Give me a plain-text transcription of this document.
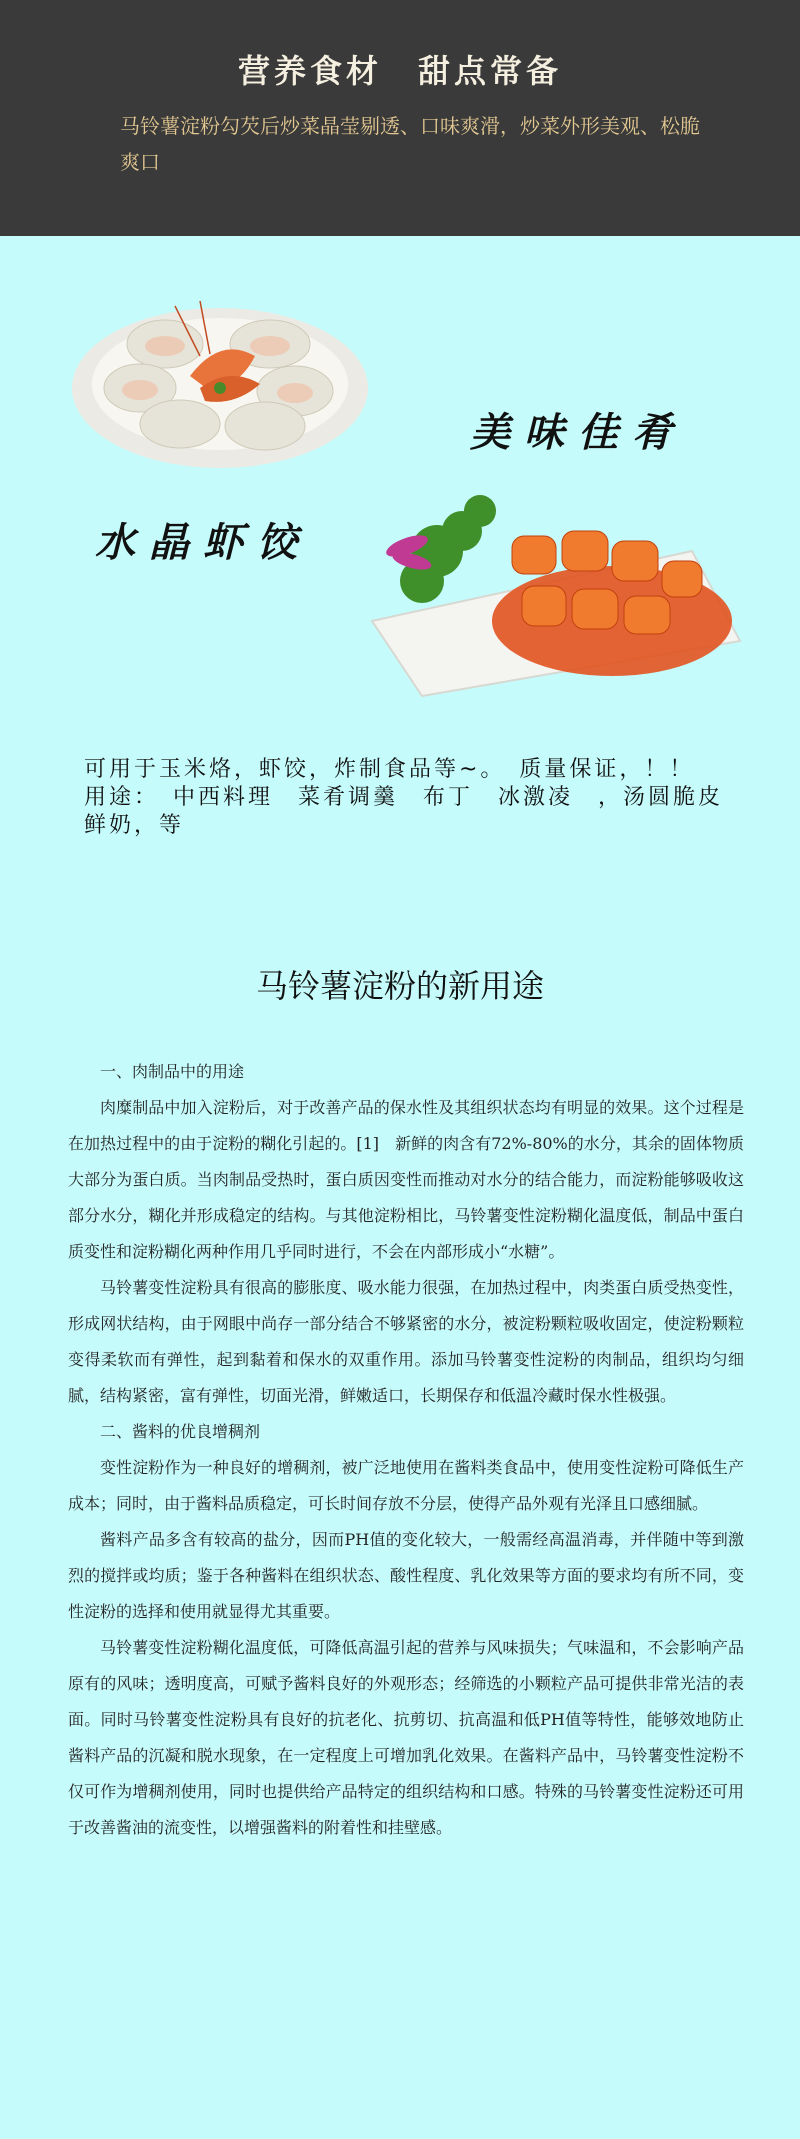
营养食材　甜点常备
马铃薯淀粉勾芡后炒菜晶莹剔透、口味爽滑，炒菜外形美观、松脆爽口
美味佳肴
水晶虾饺
可用于玉米烙，虾饺，炸制食品等~。　质量保证，！！　　用途：　中西料理　菜肴调羹　布丁　冰激凌　，汤圆脆皮鲜奶，等
马铃薯淀粉的新用途

一、肉制品中的用途

肉糜制品中加入淀粉后，对于改善产品的保水性及其组织状态均有明显的效果。这个过程是在加热过程中的由于淀粉的糊化引起的。[1]　新鲜的肉含有72%-80%的水分，其余的固体物质大部分为蛋白质。当肉制品受热时，蛋白质因变性而推动对水分的结合能力，而淀粉能够吸收这部分水分，糊化并形成稳定的结构。与其他淀粉相比，马铃薯变性淀粉糊化温度低，制品中蛋白质变性和淀粉糊化两种作用几乎同时进行，不会在内部形成小“水糖”。

马铃薯变性淀粉具有很高的膨胀度、吸水能力很强，在加热过程中，肉类蛋白质受热变性，形成网状结构，由于网眼中尚存一部分结合不够紧密的水分，被淀粉颗粒吸收固定，使淀粉颗粒变得柔软而有弹性，起到黏着和保水的双重作用。添加马铃薯变性淀粉的肉制品，组织均匀细腻，结构紧密，富有弹性，切面光滑，鲜嫩适口，长期保存和低温冷藏时保水性极强。

二、酱料的优良增稠剂

变性淀粉作为一种良好的增稠剂，被广泛地使用在酱料类食品中，使用变性淀粉可降低生产成本；同时，由于酱料品质稳定，可长时间存放不分层，使得产品外观有光泽且口感细腻。

酱料产品多含有较高的盐分，因而PH值的变化较大，一般需经高温消毒，并伴随中等到激烈的搅拌或均质；鉴于各种酱料在组织状态、酸性程度、乳化效果等方面的要求均有所不同，变性淀粉的选择和使用就显得尤其重要。

马铃薯变性淀粉糊化温度低，可降低高温引起的营养与风味损失；气味温和，不会影响产品原有的风味；透明度高，可赋予酱料良好的外观形态；经筛选的小颗粒产品可提供非常光洁的表面。同时马铃薯变性淀粉具有良好的抗老化、抗剪切、抗高温和低PH值等特性，能够效地防止酱料产品的沉凝和脱水现象，在一定程度上可增加乳化效果。在酱料产品中，马铃薯变性淀粉不仅可作为增稠剂使用，同时也提供给产品特定的组织结构和口感。特殊的马铃薯变性淀粉还可用于改善酱油的流变性，以增强酱料的附着性和挂壁感。
